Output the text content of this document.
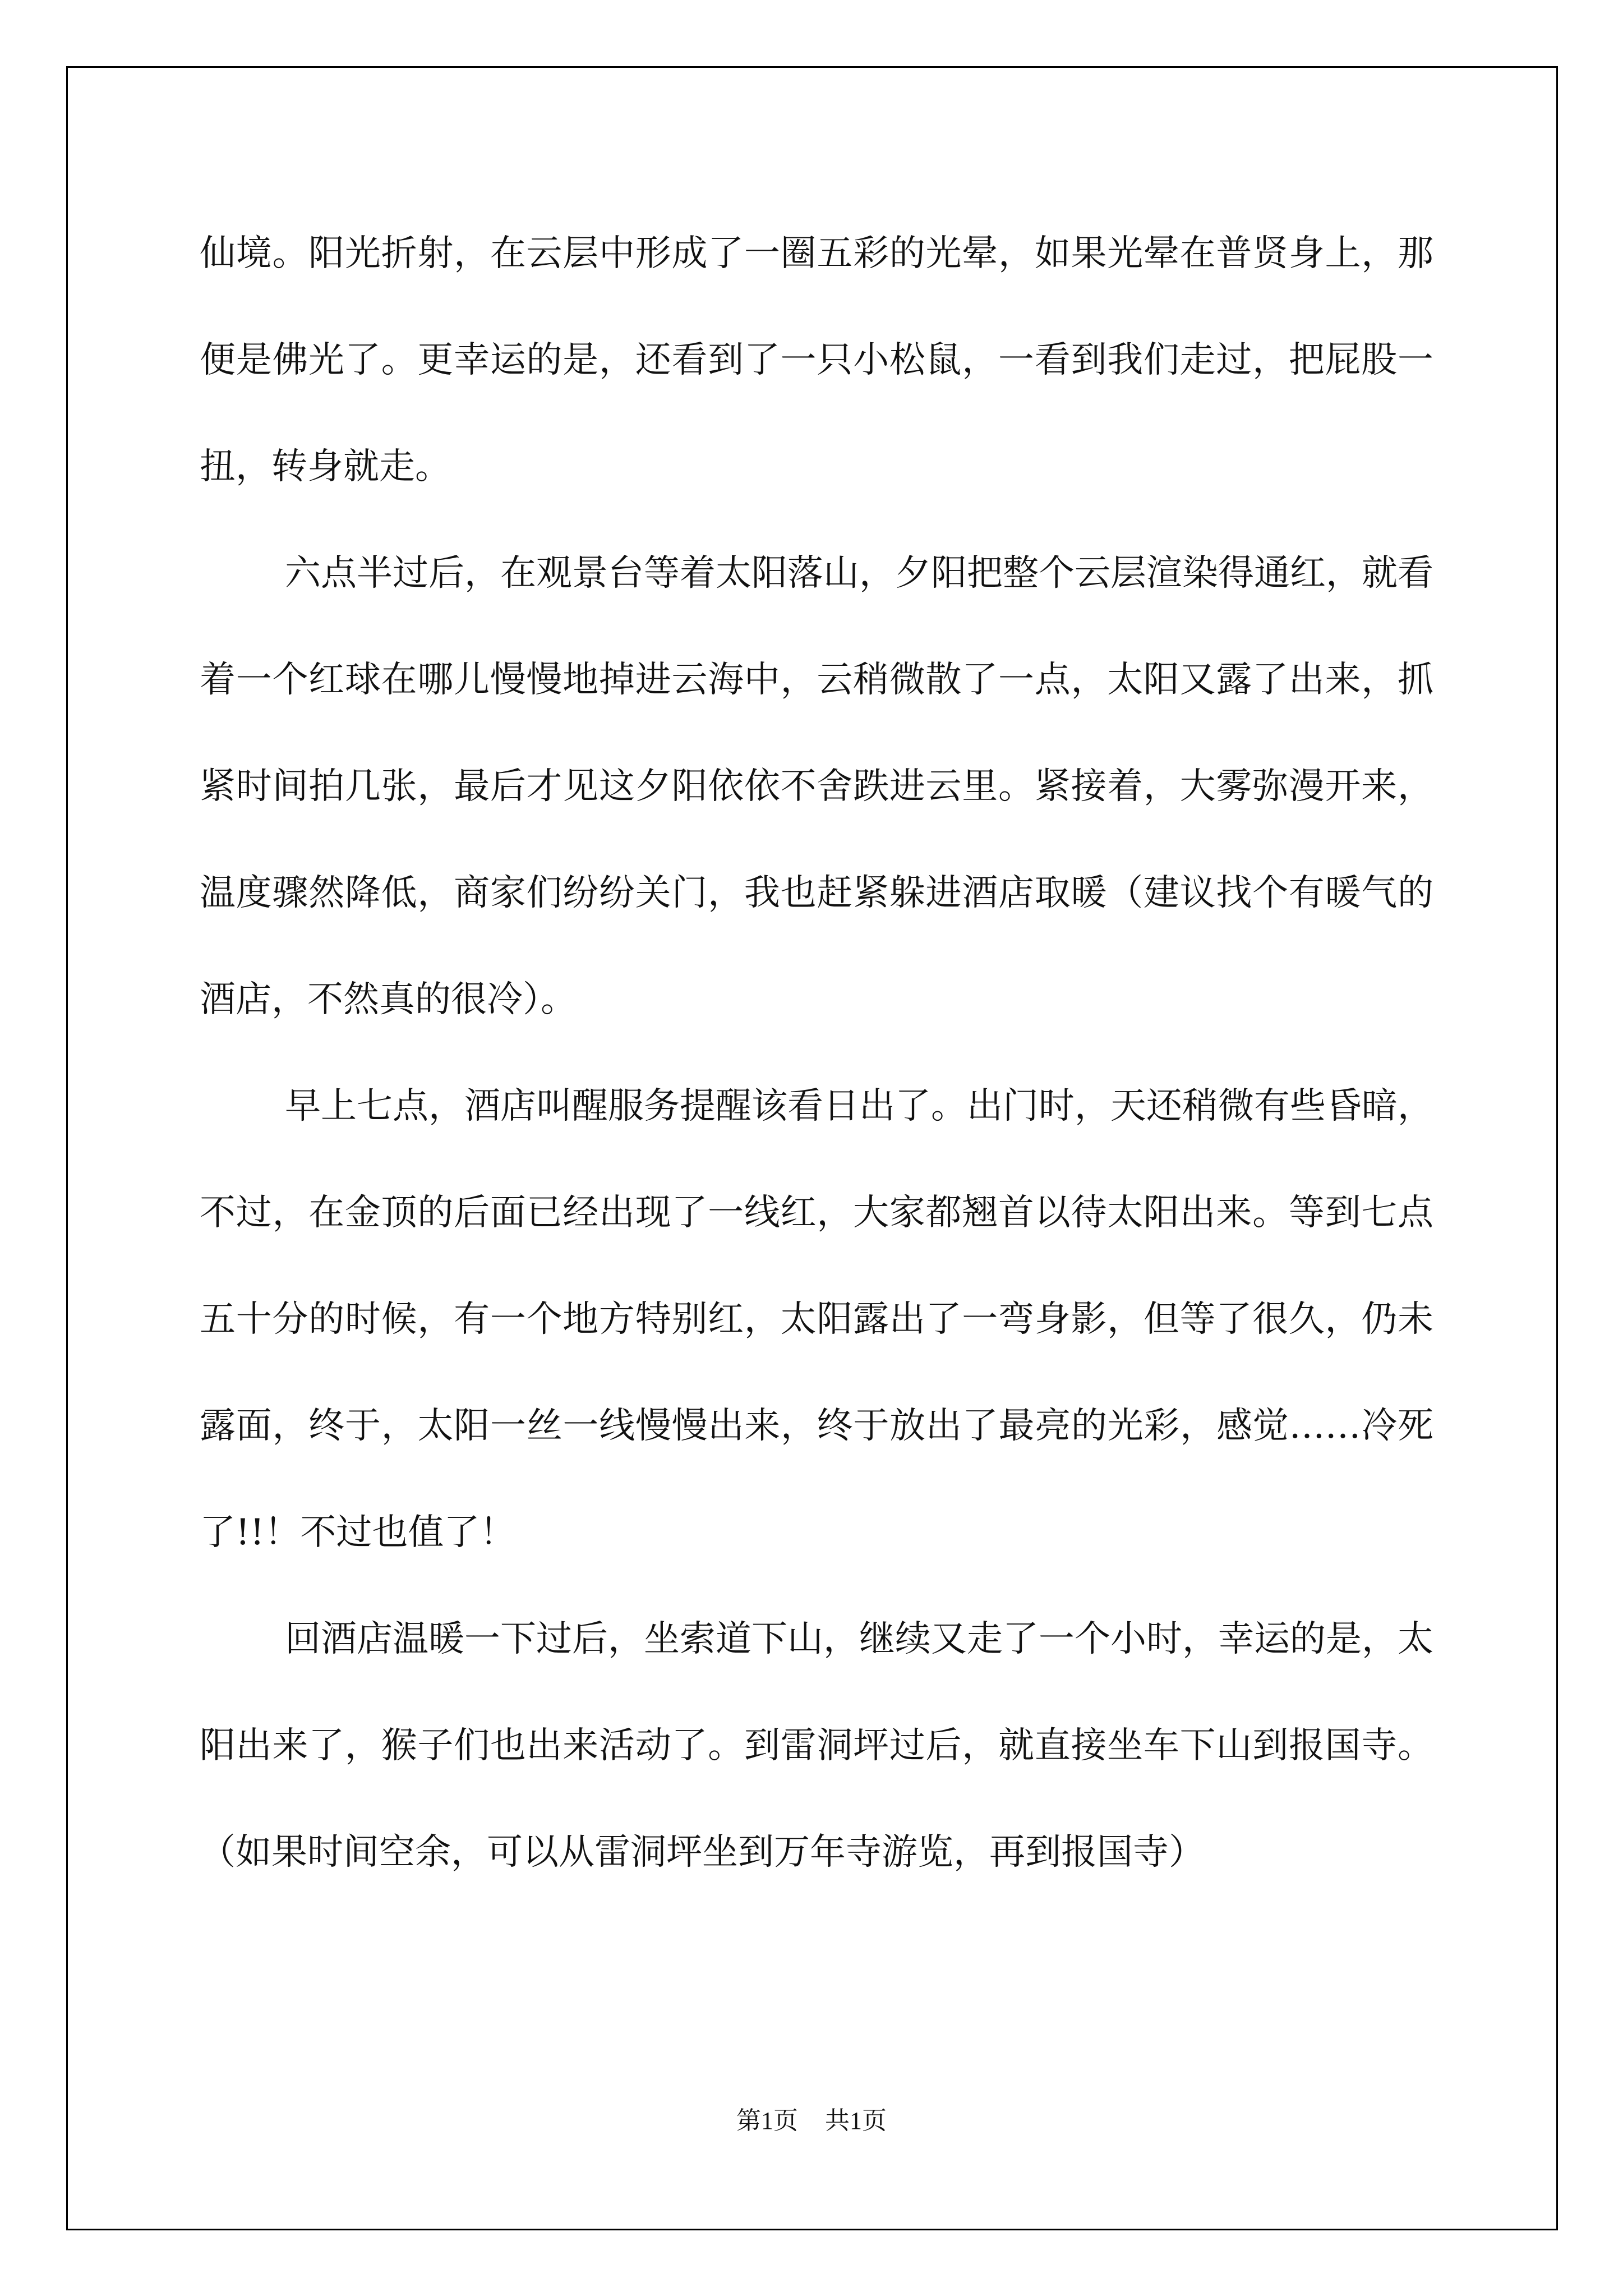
仙境。阳光折射，在云层中形成了一圈五彩的光晕，如果光晕在普贤身上，那便是佛光了。更幸运的是，还看到了一只小松鼠，一看到我们走过，把屁股一扭，转身就走。

六点半过后，在观景台等着太阳落山，夕阳把整个云层渲染得通红，就看着一个红球在哪儿慢慢地掉进云海中，云稍微散了一点，太阳又露了出来，抓紧时间拍几张，最后才见这夕阳依依不舍跌进云里。紧接着，大雾弥漫开来，温度骤然降低，商家们纷纷关门，我也赶紧躲进酒店取暖（建议找个有暖气的酒店，不然真的很冷）。

早上七点，酒店叫醒服务提醒该看日出了。出门时，天还稍微有些昏暗，不过，在金顶的后面已经出现了一线红，大家都翘首以待太阳出来。等到七点五十分的时候，有一个地方特别红，太阳露出了一弯身影，但等了很久，仍未露面，终于，太阳一丝一线慢慢出来，终于放出了最亮的光彩，感觉……冷死了!!！不过也值了！

回酒店温暖一下过后，坐索道下山，继续又走了一个小时，幸运的是，太阳出来了，猴子们也出来活动了。到雷洞坪过后，就直接坐车下山到报国寺。（如果时间空余，可以从雷洞坪坐到万年寺游览，再到报国寺）

第1页 共1页
